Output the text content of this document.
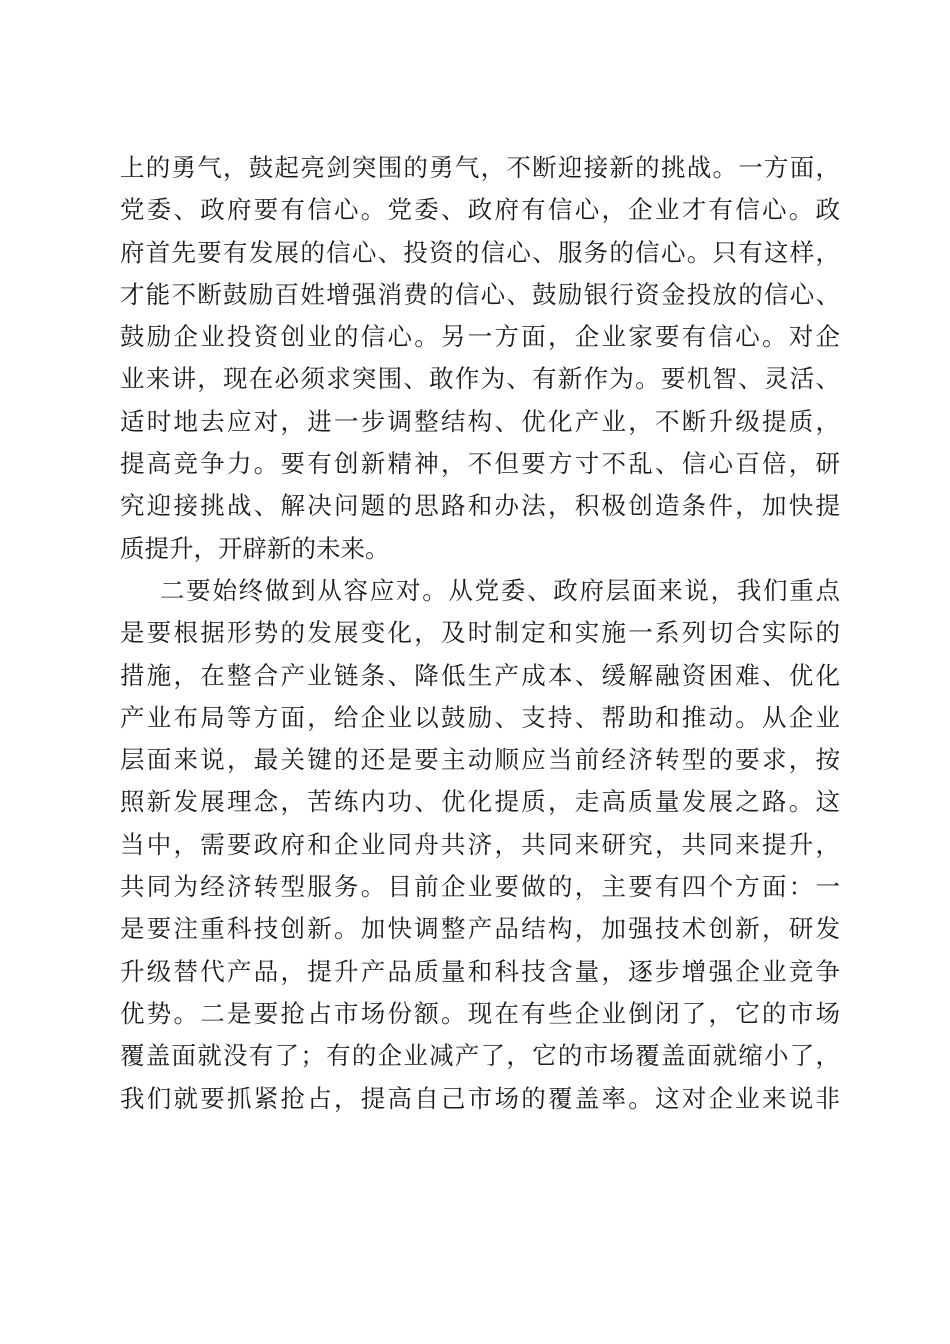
上的勇气，鼓起亮剑突围的勇气，不断迎接新的挑战。一方面，
党委、政府要有信心。党委、政府有信心，企业才有信心。政
府首先要有发展的信心、投资的信心、服务的信心。只有这样，
才能不断鼓励百姓增强消费的信心、鼓励银行资金投放的信心、
鼓励企业投资创业的信心。另一方面，企业家要有信心。对企
业来讲，现在必须求突围、敢作为、有新作为。要机智、灵活、
适时地去应对，进一步调整结构、优化产业，不断升级提质，
提高竞争力。要有创新精神，不但要方寸不乱、信心百倍，研
究迎接挑战、解决问题的思路和办法，积极创造条件，加快提
质提升，开辟新的未来。
二要始终做到从容应对。从党委、政府层面来说，我们重点
是要根据形势的发展变化，及时制定和实施一系列切合实际的
措施，在整合产业链条、降低生产成本、缓解融资困难、优化
产业布局等方面，给企业以鼓励、支持、帮助和推动。从企业
层面来说，最关键的还是要主动顺应当前经济转型的要求，按
照新发展理念，苦练内功、优化提质，走高质量发展之路。这
当中，需要政府和企业同舟共济，共同来研究，共同来提升，
共同为经济转型服务。目前企业要做的，主要有四个方面：一
是要注重科技创新。加快调整产品结构，加强技术创新，研发
升级替代产品，提升产品质量和科技含量，逐步增强企业竞争
优势。二是要抢占市场份额。现在有些企业倒闭了，它的市场
覆盖面就没有了；有的企业减产了，它的市场覆盖面就缩小了，
我们就要抓紧抢占，提高自己市场的覆盖率。这对企业来说非
